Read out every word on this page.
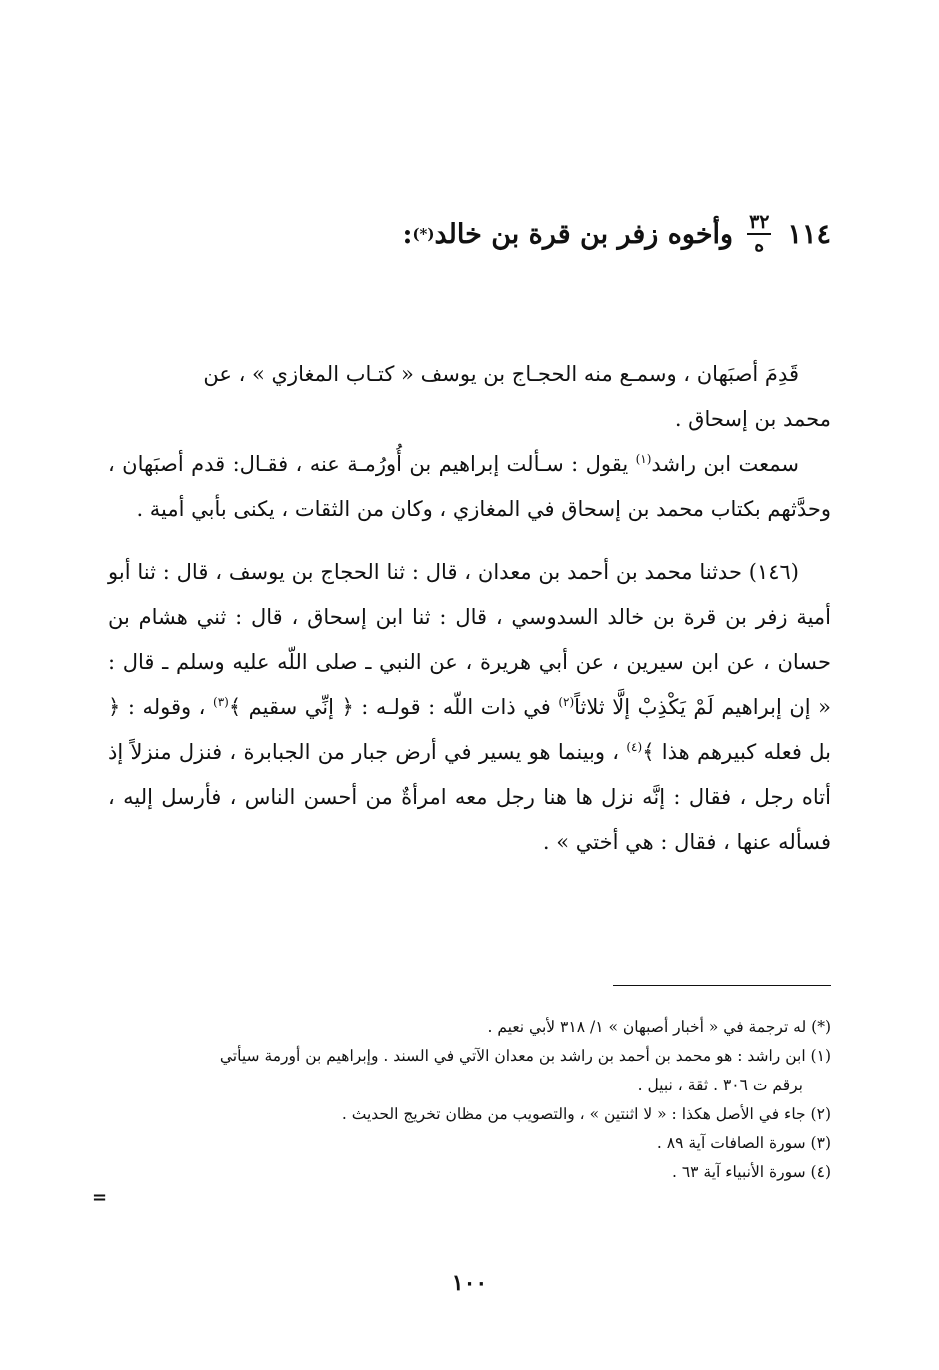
١١٤
$\frac{٣٢}{\text{ه}}$
وأخوه زفر بن قرة بن خالد
(*)
:

قَدِمَ أصبَهان ، وسمـع منه الحجـاج بن يوسف « كتـاب المغازي » ، عن

محمد بن إسحاق .

سمعت ابن راشد$^{(١)}$ يقول : سـألت إبراهيم بن أُورُمـة عنه ، فقـال: قدم أصبَهان ، وحدَّثهم بكتاب محمد بن إسحاق في المغازي ، وكان من الثقات ، يكنى بأبي أمية .

(١٤٦) حدثنا محمد بن أحمد بن معدان ، قال : ثنا الحجاج بن يوسف ، قال : ثنا أبو أمية زفر بن قرة بن خالد السدوسي ، قال : ثنا ابن إسحاق ، قال : ثني هشام بن حسان ، عن ابن سيرين ، عن أبي هريرة ، عن النبي ـ صلى اللّه عليه وسلم ـ قال : « إن إبراهيم لَمْ يَكْذِبْ إلَّا ثلاثاً$^{(٢)}$ في ذات اللّه : قولـه : ﴿ إنِّي سقيم ﴾$^{(٣)}$ ، وقوله : ﴿ بل فعله كبيرهم هذا ﴾$^{(٤)}$ ، وبينما هو يسير في أرض جبار من الجبابرة ، فنزل منزلاً إذ أتاه رجل ، فقال : إنَّه نزل ها هنا رجل معه امرأةٌ من أحسن الناس ، فأرسل إليه ، فسأله عنها ، فقال : هي أختي » .

(*) له ترجمة في « أخبار أصبهان » ١/ ٣١٨ لأبي نعيم .

(١) ابن راشد : هو محمد بن أحمد بن راشد بن معدان الآتي في السند . وإبراهيم بن أورمة سيأتي

برقم ت ٣٠٦ . ثقة ، نبيل .

(٢) جاء في الأصل هكذا : « لا اثنتين » ، والتصويب من مظان تخريج الحديث .

(٣) سورة الصافات آية ٨٩ .

(٤) سورة الأنبياء آية ٦٣ .

=
١٠٠
